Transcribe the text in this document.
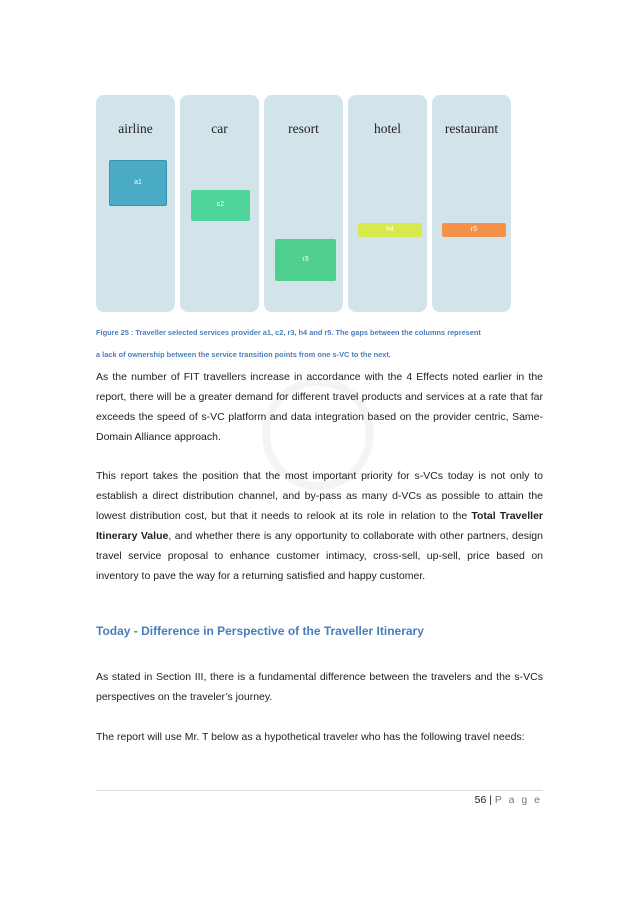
airline
a1
car
c2
resort
r3
hotel
h4
restaurant
r5
Figure 25 : Traveller selected services provider a1, c2, r3, h4 and r5. The gaps between the columns represent
a lack of ownership between the service transition points from one s-VC to the next.
As the number of FIT travellers increase in accordance with the 4 Effects noted earlier in the report, there will be a greater demand for different travel products and services at a rate that far exceeds the speed of s-VC platform and data integration based on the provider centric, Same-Domain Alliance approach.
This report takes the position that the most important priority for s-VCs today is not only to establish a direct distribution channel, and by-pass as many d-VCs as possible to attain the lowest distribution cost, but that it needs to relook at its role in relation to the Total Traveller Itinerary Value, and whether there is any opportunity to collaborate with other partners, design travel service proposal to enhance customer intimacy, cross-sell, up-sell, price based on inventory to pave the way for a returning satisfied and happy customer.
Today - Difference in Perspective of the Traveller Itinerary
As stated in Section III, there is a fundamental difference between the travelers and the s-VCs perspectives on the traveler’s journey.
The report will use Mr. T below as a hypothetical traveler who has the following travel needs:
56 | P a g e
